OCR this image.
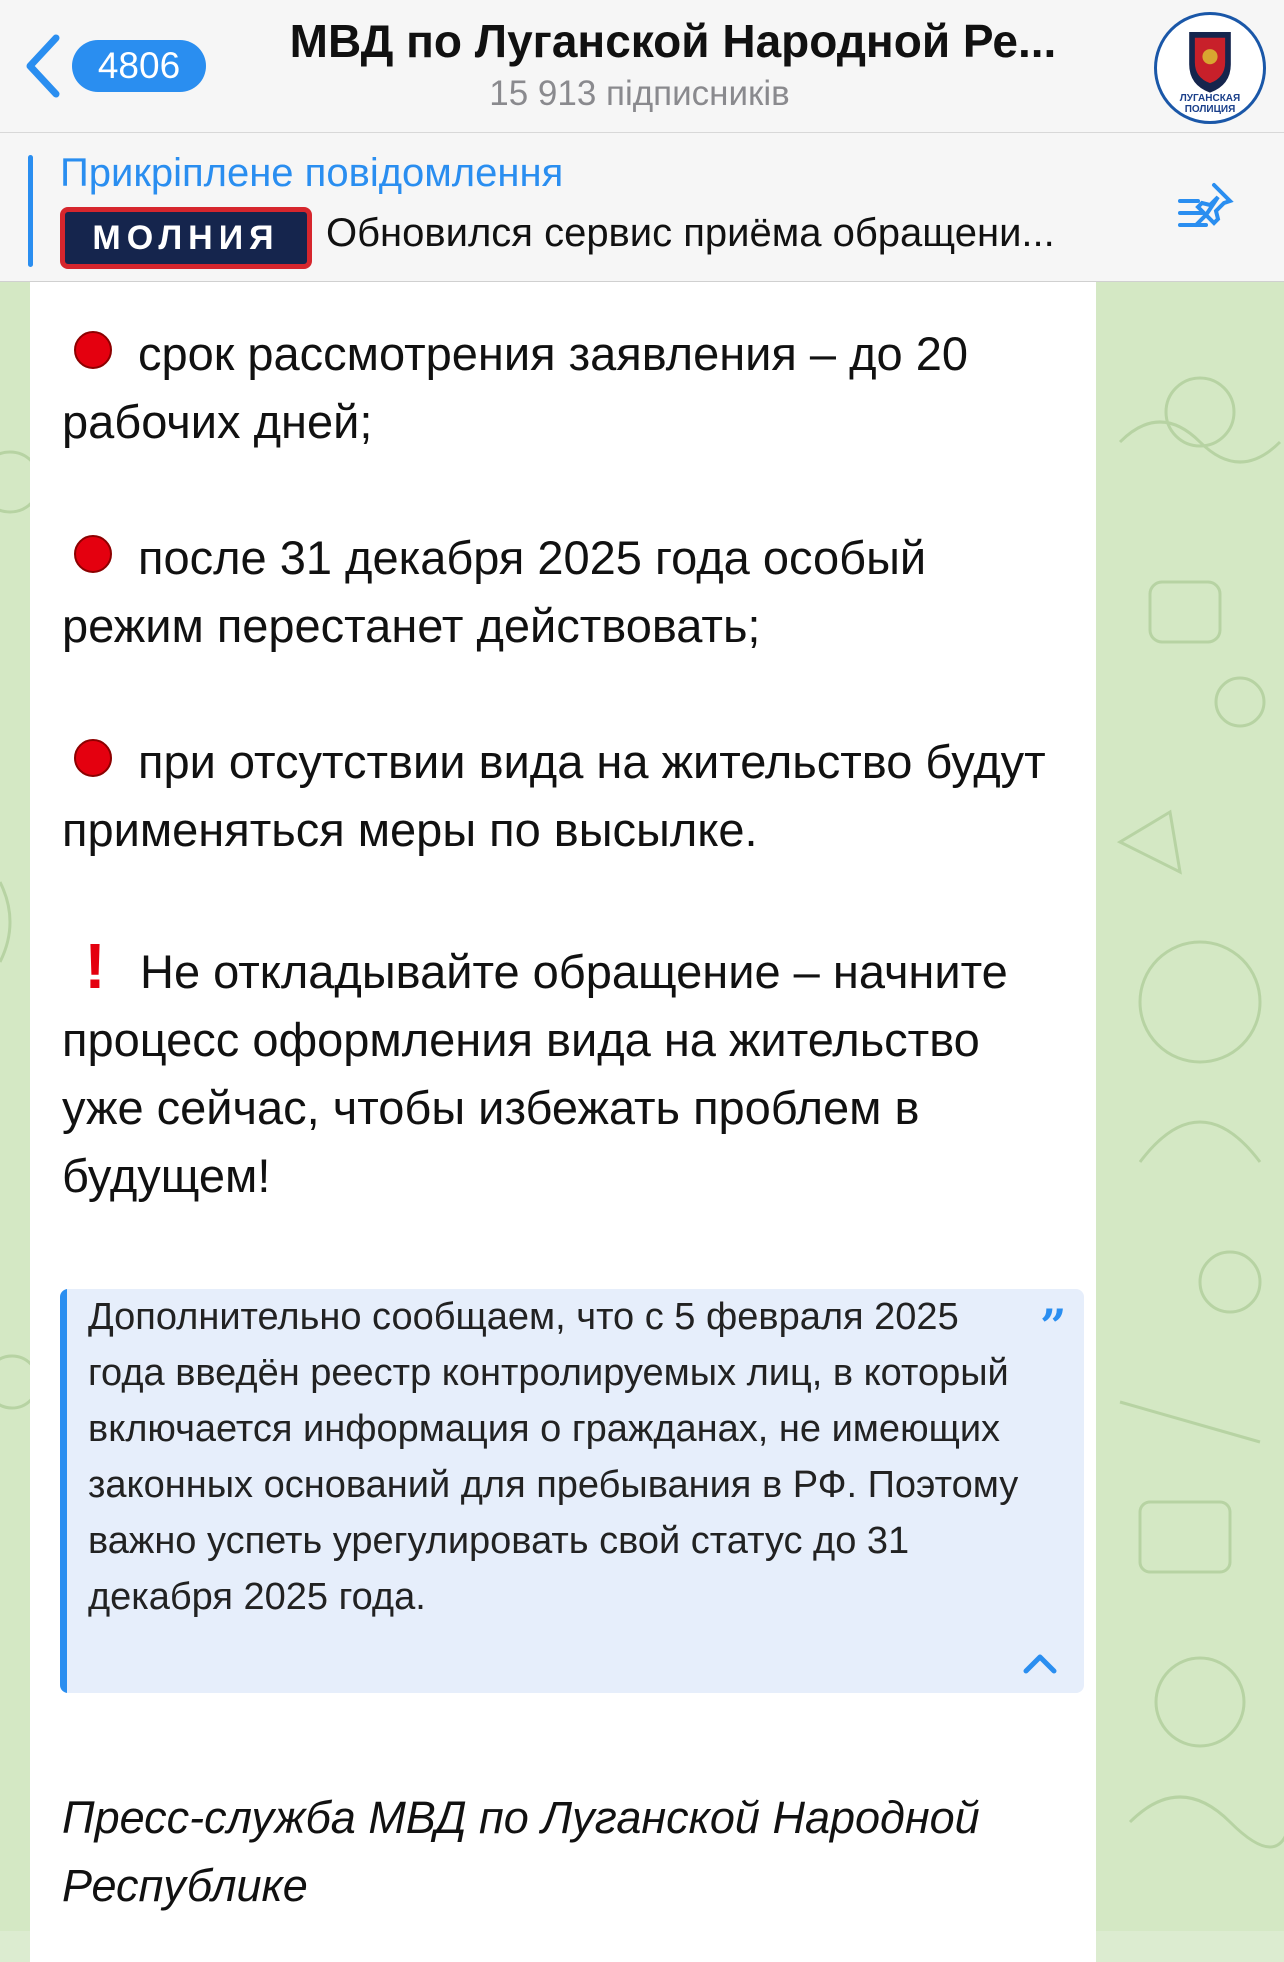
4806	МВД по Луганской Народной Ре...
15 913 підписників	ЛУГАНСКАЯ
ПОЛИЦИЯ
Прикріплене повідомлення
МОЛНИЯ	Обновился сервис приёма обращени...
срок рассмотрения заявления – до 20 рабочих дней;
после 31 декабря 2025 года особый режим перестанет действовать;
при отсутствии вида на жительство будут применяться меры по высылке.
! Не откладывайте обращение – начните процесс оформления вида на жительство уже сейчас, чтобы избежать проблем в будущем!
Дополнительно сообщаем, что с 5 февраля 2025 года введён реестр контролируемых лиц, в который включается информация о гражданах, не имеющих законных оснований для пребывания в РФ. Поэтому важно успеть урегулировать свой статус до 31 декабря 2025 года.
”
Пресс-служба МВД по Луганской Народной Республике
